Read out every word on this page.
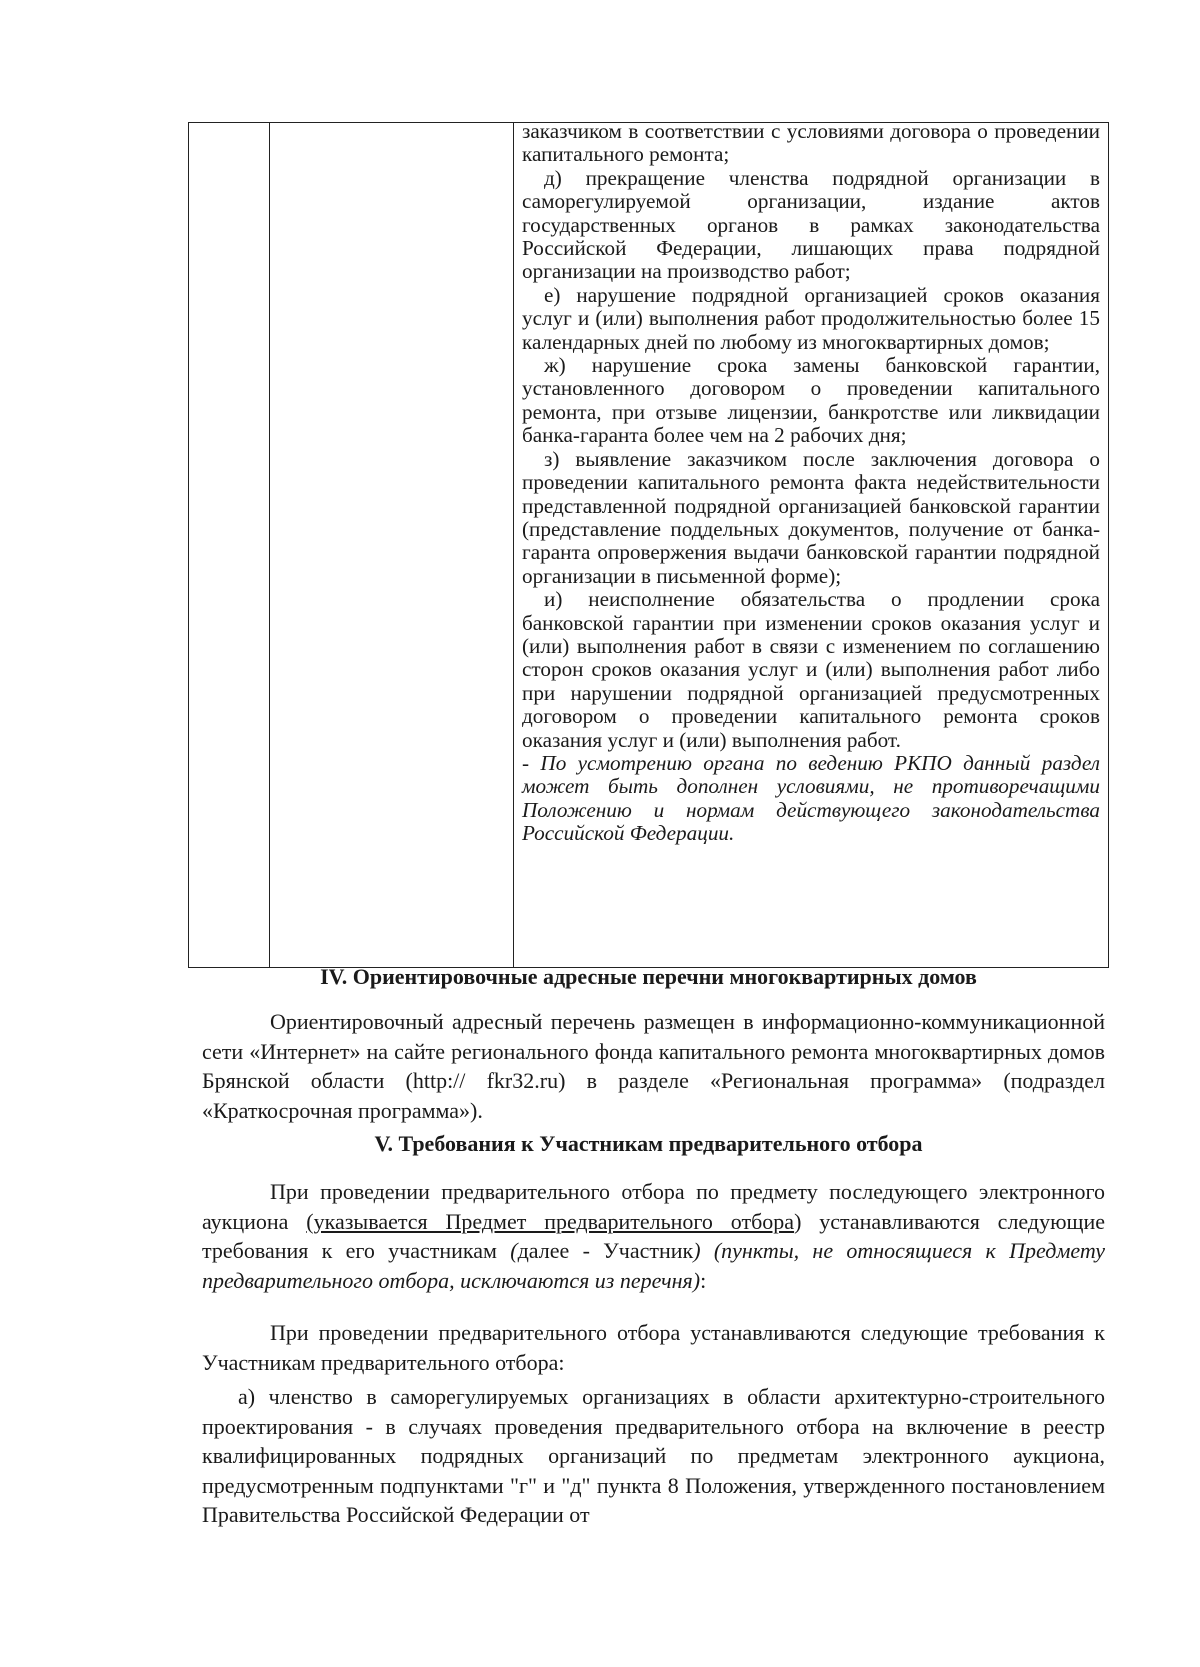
заказчиком в соответствии с условиями договора о проведении капитального ремонта;

д) прекращение членства подрядной организации в саморегулируемой организации, издание актов государственных органов в рамках законодательства Российской Федерации, лишающих права подрядной организации на производство работ;

е) нарушение подрядной организацией сроков оказания услуг и (или) выполнения работ продолжительностью более 15 календарных дней по любому из многоквартирных домов;

ж) нарушение срока замены банковской гарантии, установленного договором о проведении капитального ремонта, при отзыве лицензии, банкротстве или ликвидации банка-гаранта более чем на 2 рабочих дня;

з) выявление заказчиком после заключения договора о проведении капитального ремонта факта недействительности представленной подрядной организацией банковской гарантии (представление поддельных документов, получение от банка-гаранта опровержения выдачи банковской гарантии подрядной организации в письменной форме);

и) неисполнение обязательства о продлении срока банковской гарантии при изменении сроков оказания услуг и (или) выполнения работ в связи с изменением по соглашению сторон сроков оказания услуг и (или) выполнения работ либо при нарушении подрядной организацией предусмотренных договором о проведении капитального ремонта сроков оказания услуг и (или) выполнения работ.

- По усмотрению органа по ведению РКПО данный раздел может быть дополнен условиями, не противоречащими Положению и нормам действующего законодательства Российской Федерации.

IV. Ориентировочные адресные перечни многоквартирных домов

Ориентировочный адресный перечень размещен в информационно-коммуникационной сети «Интернет» на сайте регионального фонда капитального ремонта многоквартирных домов Брянской области (http:// fkr32.ru) в разделе «Региональная программа» (подраздел «Краткосрочная программа»).

V. Требования к Участникам предварительного отбора

При проведении предварительного отбора по предмету последующего электронного аукциона (указывается Предмет предварительного отбора) устанавливаются следующие требования к его участникам (далее - Участник) (пункты, не относящиеся к Предмету предварительного отбора, исключаются из перечня):

При проведении предварительного отбора устанавливаются следующие требования к Участникам предварительного отбора:

а) членство в саморегулируемых организациях в области архитектурно-строительного проектирования - в случаях проведения предварительного отбора на включение в реестр квалифицированных подрядных организаций по предметам электронного аукциона, предусмотренным подпунктами "г" и "д" пункта 8 Положения, утвержденного постановлением Правительства Российской Федерации от
